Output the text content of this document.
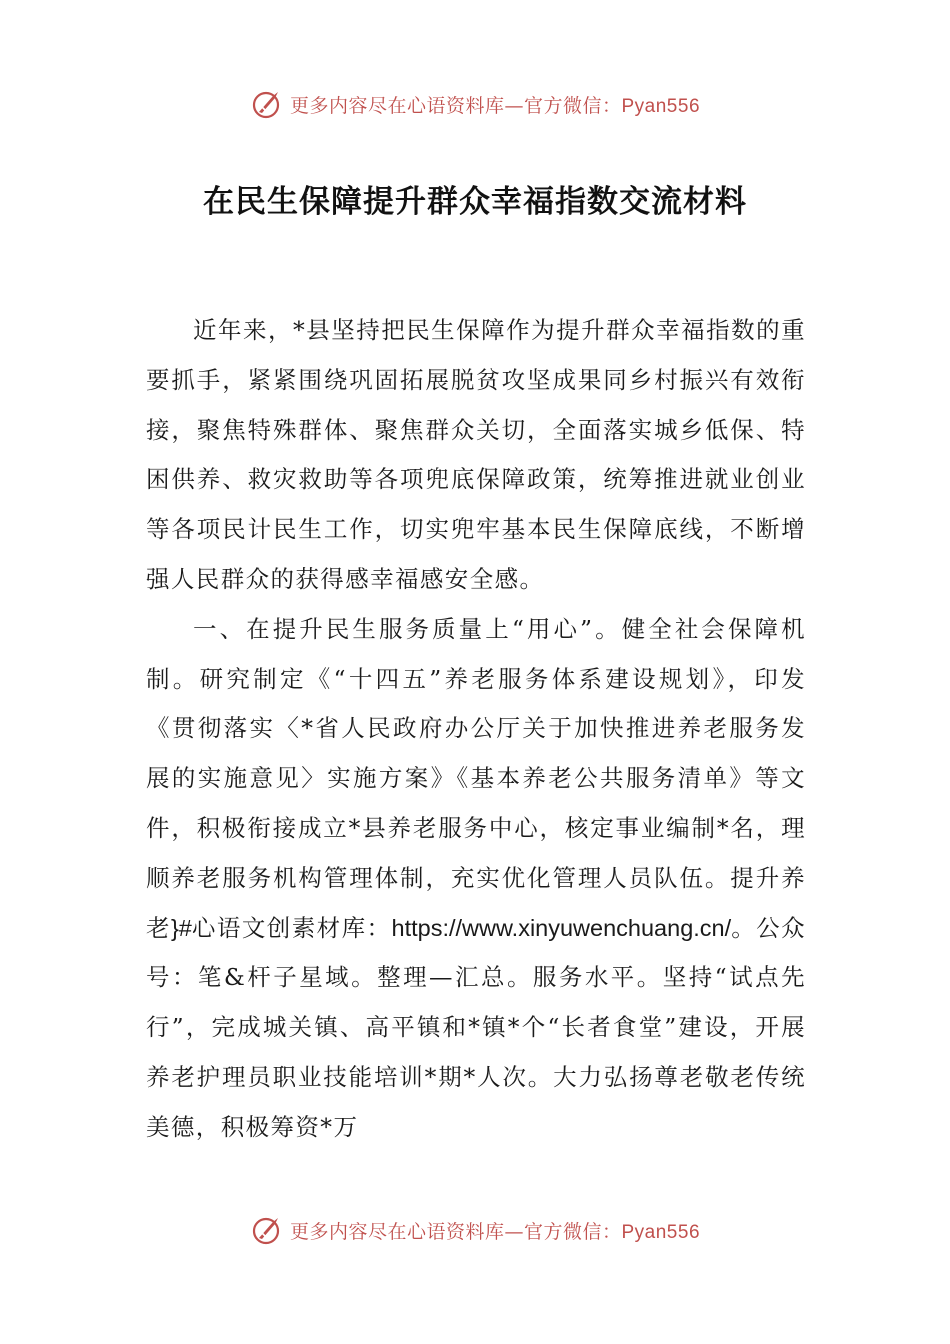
更多内容尽在心语资料库—官方微信：Pyan556
在民生保障提升群众幸福指数交流材料

近年来，*县坚持把民生保障作为提升群众幸福指数的重要抓手，紧紧围绕巩固拓展脱贫攻坚成果同乡村振兴有效衔接，聚焦特殊群体、聚焦群众关切，全面落实城乡低保、特困供养、救灾救助等各项兜底保障政策，统筹推进就业创业等各项民计民生工作，切实兜牢基本民生保障底线，不断增强人民群众的获得感幸福感安全感。

一、在提升民生服务质量上“用心”。健全社会保障机制。研究制定《“十四五”养老服务体系建设规划》，印发《贯彻落实〈*省人民政府办公厅关于加快推进养老服务发展的实施意见〉实施方案》《基本养老公共服务清单》等文件，积极衔接成立*县养老服务中心，核定事业编制*名，理顺养老服务机构管理体制，充实优化管理人员队伍。提升养老}#心语文创素材库：https://www.xinyuwenchuang.cn/。公众号：笔&杆子星域。整理—汇总。服务水平。坚持“试点先行”，完成城关镇、高平镇和*镇*个“长者食堂”建设，开展养老护理员职业技能培训*期*人次。大力弘扬尊老敬老传统美德，积极筹资*万

更多内容尽在心语资料库—官方微信：Pyan556
